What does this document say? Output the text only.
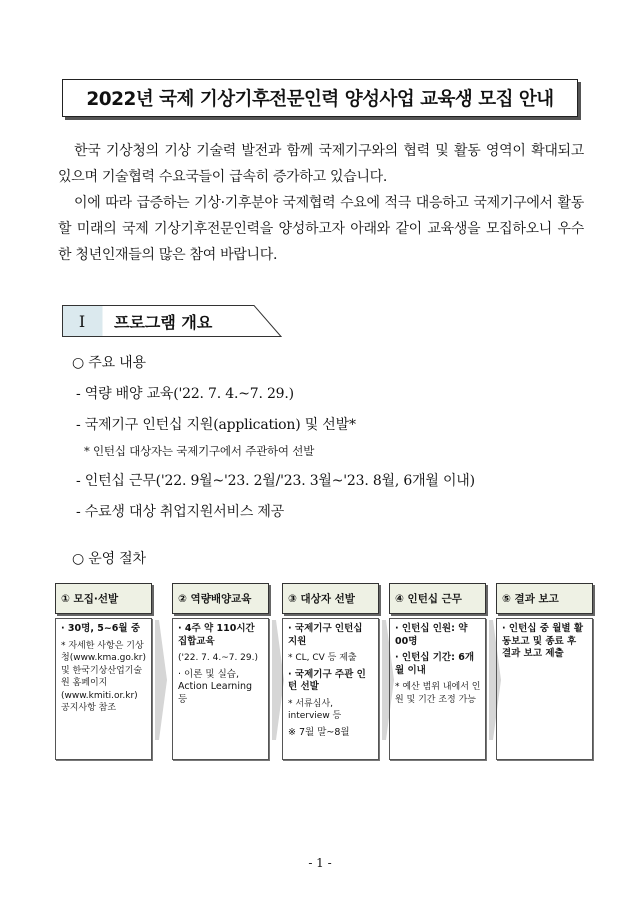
2022년 국제 기상기후전문인력 양성사업 교육생 모집 안내

한국 기상청의 기상 기술력 발전과 함께 국제기구와의 협력 및 활동 영역이 확대되고 있으며 기술협력 수요국들이 급속히 증가하고 있습니다.

이에 따라 급증하는 기상·기후분야 국제협력 수요에 적극 대응하고 국제기구에서 활동할 미래의 국제 기상기후전문인력을 양성하고자 아래와 같이 교육생을 모집하오니 우수한 청년인재들의 많은 참여 바랍니다.

Ⅰ	프로그램 개요
○ 주요 내용
- 역량 배양 교육('22. 7. 4.~7. 29.)
- 국제기구 인턴십 지원(application) 및 선발*
* 인턴십 대상자는 국제기구에서 주관하여 선발
- 인턴십 근무('22. 9월~'23. 2월/'23. 3월~'23. 8월, 6개월 이내)
- 수료생 대상 취업지원서비스 제공
○ 운영 절차
① 모집·선발
· 30명, 5~6월 중
* 자세한 사항은 기상청(www.kma.go.kr) 및 한국기상산업기술원 홈페이지(www.kmiti.or.kr) 공지사항 참조
② 역량배양교육
· 4주 약 110시간 집합교육
('22. 7. 4.~7. 29.)
· 이론 및 실습, Action Learning 등
③ 대상자 선발
· 국제기구 인턴십 지원
* CL, CV 등 제출
· 국제기구 주관 인턴 선발
* 서류심사, interview 등
※ 7월 말~8월
④ 인턴십 근무
· 인턴십 인원: 약 00명
· 인턴십 기간: 6개월 이내
* 예산 범위 내에서 인원 및 기간 조정 가능
⑤ 결과 보고
· 인턴십 중 월별 활동보고 및 종료 후 결과 보고 제출
- 1 -
